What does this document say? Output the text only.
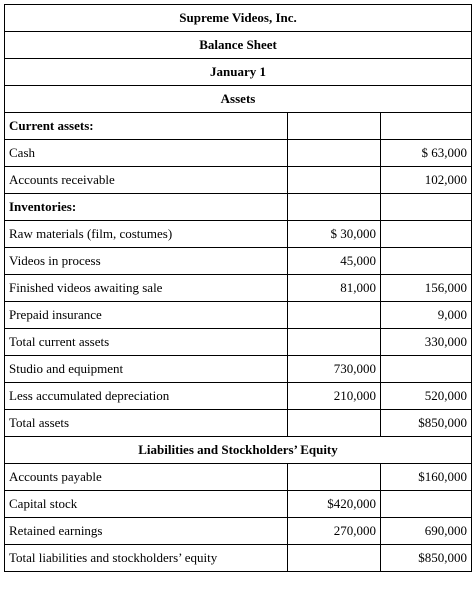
Supreme Videos, Inc.		
Balance Sheet		
January 1		
Assets		
Current assets:		
Cash		$ 63,000
Accounts receivable		102,000
Inventories:		
Raw materials (film, costumes)	$ 30,000	
Videos in process	45,000	
Finished videos awaiting sale	81,000	156,000
Prepaid insurance		9,000
Total current assets		330,000
Studio and equipment	730,000	
Less accumulated depreciation	210,000	520,000
Total assets		$850,000
Liabilities and Stockholders’ Equity		
Accounts payable		$160,000
Capital stock	$420,000	
Retained earnings	270,000	690,000
Total liabilities and stockholders’ equity		$850,000
